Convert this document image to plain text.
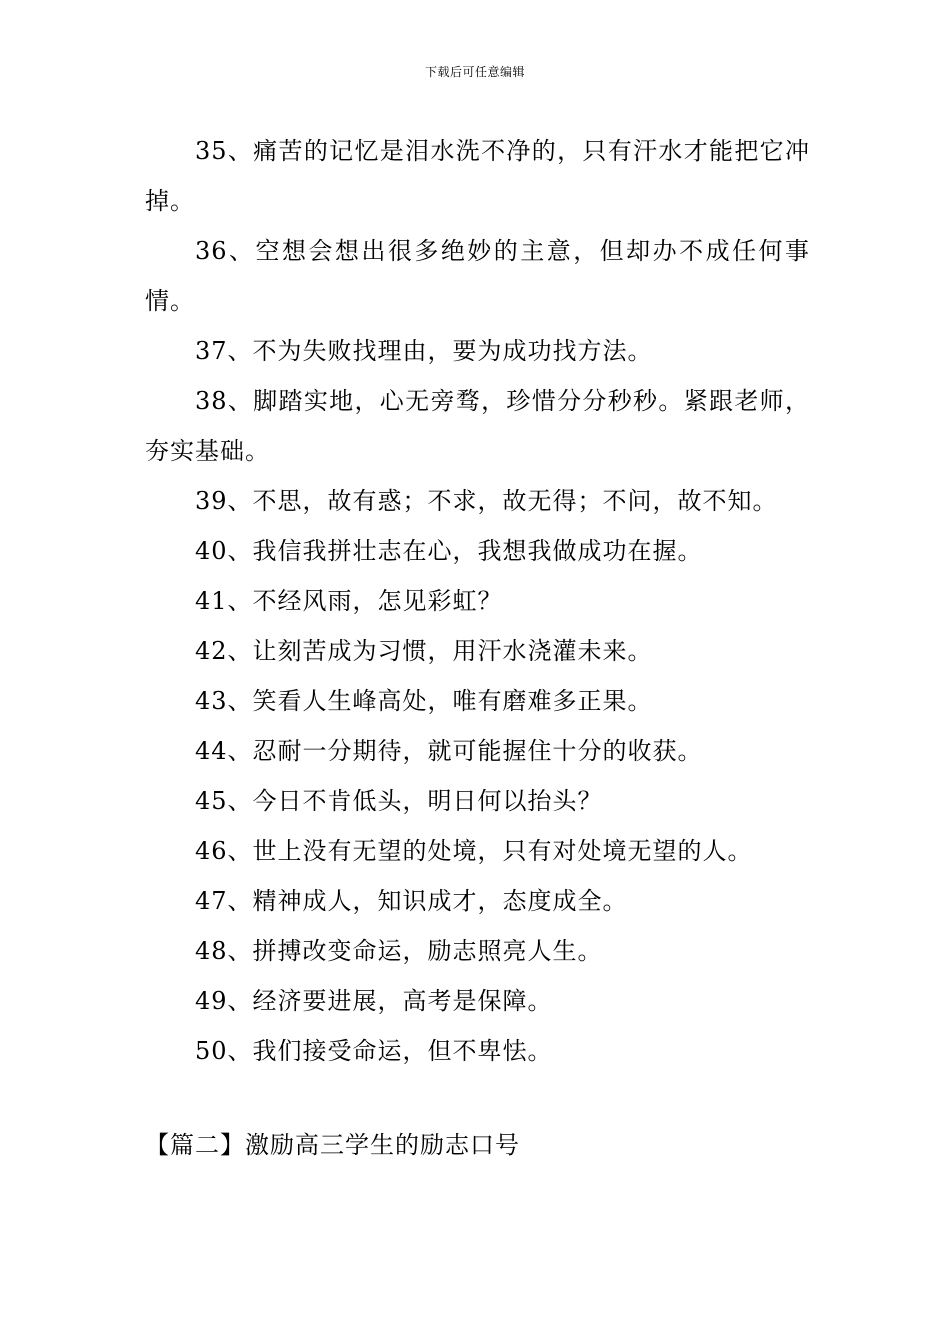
下载后可任意编辑

35、痛苦的记忆是泪水洗不净的，只有汗水才能把它冲掉。

36、空想会想出很多绝妙的主意，但却办不成任何事情。

37、不为失败找理由，要为成功找方法。

38、脚踏实地，心无旁骛，珍惜分分秒秒。紧跟老师，夯实基础。

39、不思，故有惑；不求，故无得；不问，故不知。

40、我信我拼壮志在心，我想我做成功在握。

41、不经风雨，怎见彩虹？

42、让刻苦成为习惯，用汗水浇灌未来。

43、笑看人生峰高处，唯有磨难多正果。

44、忍耐一分期待，就可能握住十分的收获。

45、今日不肯低头，明日何以抬头？

46、世上没有无望的处境，只有对处境无望的人。

47、精神成人，知识成才，态度成全。

48、拼搏改变命运，励志照亮人生。

49、经济要进展，高考是保障。

50、我们接受命运，但不卑怯。

【篇二】激励高三学生的励志口号
